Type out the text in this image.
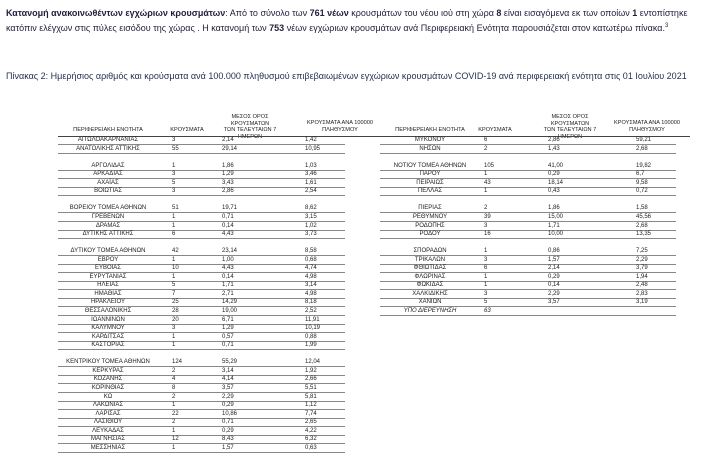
Κατανομή ανακοινωθέντων εγχώριων κρουσμάτων: Από το σύνολο των 761 νέων κρουσμάτων του νέου ιού στη χώρα 8 είναι εισαγόμενα εκ των οποίων 1 εντοπίστηκε κατόπιν ελέγχων στις πύλες εισόδου της χώρας . Η κατανομή των 753 νέων εγχώριων κρουσμάτων ανά Περιφερειακή Ενότητα παρουσιάζεται στον κατωτέρω πίνακα.$^3$
Πίνακας 2: Ημερήσιος αριθμός και κρούσματα ανά 100.000 πληθυσμού επιβεβαιωμένων εγχώριων κρουσμάτων COVID-19 ανά περιφερειακή ενότητα στις 01 Ιουλίου 2021
ΠΕΡΙΦΕΡΕΙΑΚΗ ΕΝΟΤΗΤΑ	ΚΡΟΥΣΜΑΤΑ
ΜΕΣΟΣ ΟΡΟΣ ΚΡΟΥΣΜΑΤΩΝ
ΤΩΝ ΤΕΛΕΥΤΑΙΩΝ 7
ΗΜΕΡΩΝ
ΚΡΟΥΣΜΑΤΑ ΑΝΑ 100000
ΠΛΗΘΥΣΜΟΥ	ΠΕΡΙΦΕΡΕΙΑΚΗ ΕΝΟΤΗΤΑ	ΚΡΟΥΣΜΑΤΑ
ΜΕΣΟΣ ΟΡΟΣ ΚΡΟΥΣΜΑΤΩΝ
ΤΩΝ ΤΕΛΕΥΤΑΙΩΝ 7
ΗΜΕΡΩΝ
ΚΡΟΥΣΜΑΤΑ ΑΝΑ 100000
ΠΛΗΘΥΣΜΟΥ
ΑΙΤΩΛΟΑΚΑΡΝΑΝΙΑΣ	3	2,14	1,42
ΑΝΑΤΟΛΙΚΗΣ ΑΤΤΙΚΗΣ	55	29,14	10,95
ΑΡΓΟΛΙΔΑΣ	1	1,86	1,03
ΑΡΚΑΔΙΑΣ	3	1,29	3,46
ΑΧΑΪΑΣ	5	3,43	1,61
ΒΟΙΩΤΙΑΣ	3	2,86	2,54
ΒΟΡΕΙΟΥ ΤΟΜΕΑ ΑΘΗΝΩΝ	51	19,71	8,62
ΓΡΕΒΕΝΩΝ	1	0,71	3,15
ΔΡΑΜΑΣ	1	0,14	1,02
ΔΥΤΙΚΗΣ ΑΤΤΙΚΗΣ	6	4,43	3,73
ΔΥΤΙΚΟΥ ΤΟΜΕΑ ΑΘΗΝΩΝ	42	23,14	8,58
ΕΒΡΟΥ	1	1,00	0,68
ΕΥΒΟΙΑΣ	10	4,43	4,74
ΕΥΡΥΤΑΝΙΑΣ	1	0,14	4,98
ΗΛΕΙΑΣ	5	1,71	3,14
ΗΜΑΘΙΑΣ	7	2,71	4,98
ΗΡΑΚΛΕΙΟΥ	25	14,29	8,18
ΘΕΣΣΑΛΟΝΙΚΗΣ	28	19,00	2,52
ΙΩΑΝΝΙΝΩΝ	20	6,71	11,91
ΚΑΛΥΜΝΟΥ	3	1,29	10,19
ΚΑΡΔΙΤΣΑΣ	1	0,57	0,88
ΚΑΣΤΟΡΙΑΣ	1	0,71	1,99
ΚΕΝΤΡΙΚΟΥ ΤΟΜΕΑ ΑΘΗΝΩΝ	124	55,29	12,04
ΚΕΡΚΥΡΑΣ	2	3,14	1,92
ΚΟΖΑΝΗΣ	4	4,14	2,66
ΚΟΡΙΝΘΙΑΣ	8	3,57	5,51
ΚΩ	2	2,29	5,81
ΛΑΚΩΝΙΑΣ	1	0,29	1,12
ΛΑΡΙΣΑΣ	22	10,86	7,74
ΛΑΣΙΘΙΟΥ	2	0,71	2,65
ΛΕΥΚΑΔΑΣ	1	0,29	4,22
ΜΑΓΝΗΣΙΑΣ	12	8,43	6,32
ΜΕΣΣΗΝΙΑΣ	1	1,57	0,63
ΜΥΚΟΝΟΥ	6	2,86	59,21
ΝΗΣΩΝ	2	1,43	2,68
ΝΟΤΙΟΥ ΤΟΜΕΑ ΑΘΗΝΩΝ	105	41,00	19,82
ΠΑΡΟΥ	1	0,29	6,7
ΠΕΙΡΑΙΩΣ	43	18,14	9,58
ΠΕΛΛΑΣ	1	0,43	0,72
ΠΙΕΡΙΑΣ	2	1,86	1,58
ΡΕΘΥΜΝΟΥ	39	15,00	45,56
ΡΟΔΟΠΗΣ	3	1,71	2,68
ΡΟΔΟΥ	16	10,00	13,35
ΣΠΟΡΑΔΩΝ	1	0,86	7,25
ΤΡΙΚΑΛΩΝ	3	1,57	2,29
ΦΘΙΩΤΙΔΑΣ	6	2,14	3,79
ΦΛΩΡΙΝΑΣ	1	0,29	1,94
ΦΩΚΙΔΑΣ	1	0,14	2,48
ΧΑΛΚΙΔΙΚΗΣ	3	2,29	2,83
ΧΑΝΙΩΝ	5	3,57	3,19
ΥΠΟ ΔΙΕΡΕΥΝΗΣΗ	63
